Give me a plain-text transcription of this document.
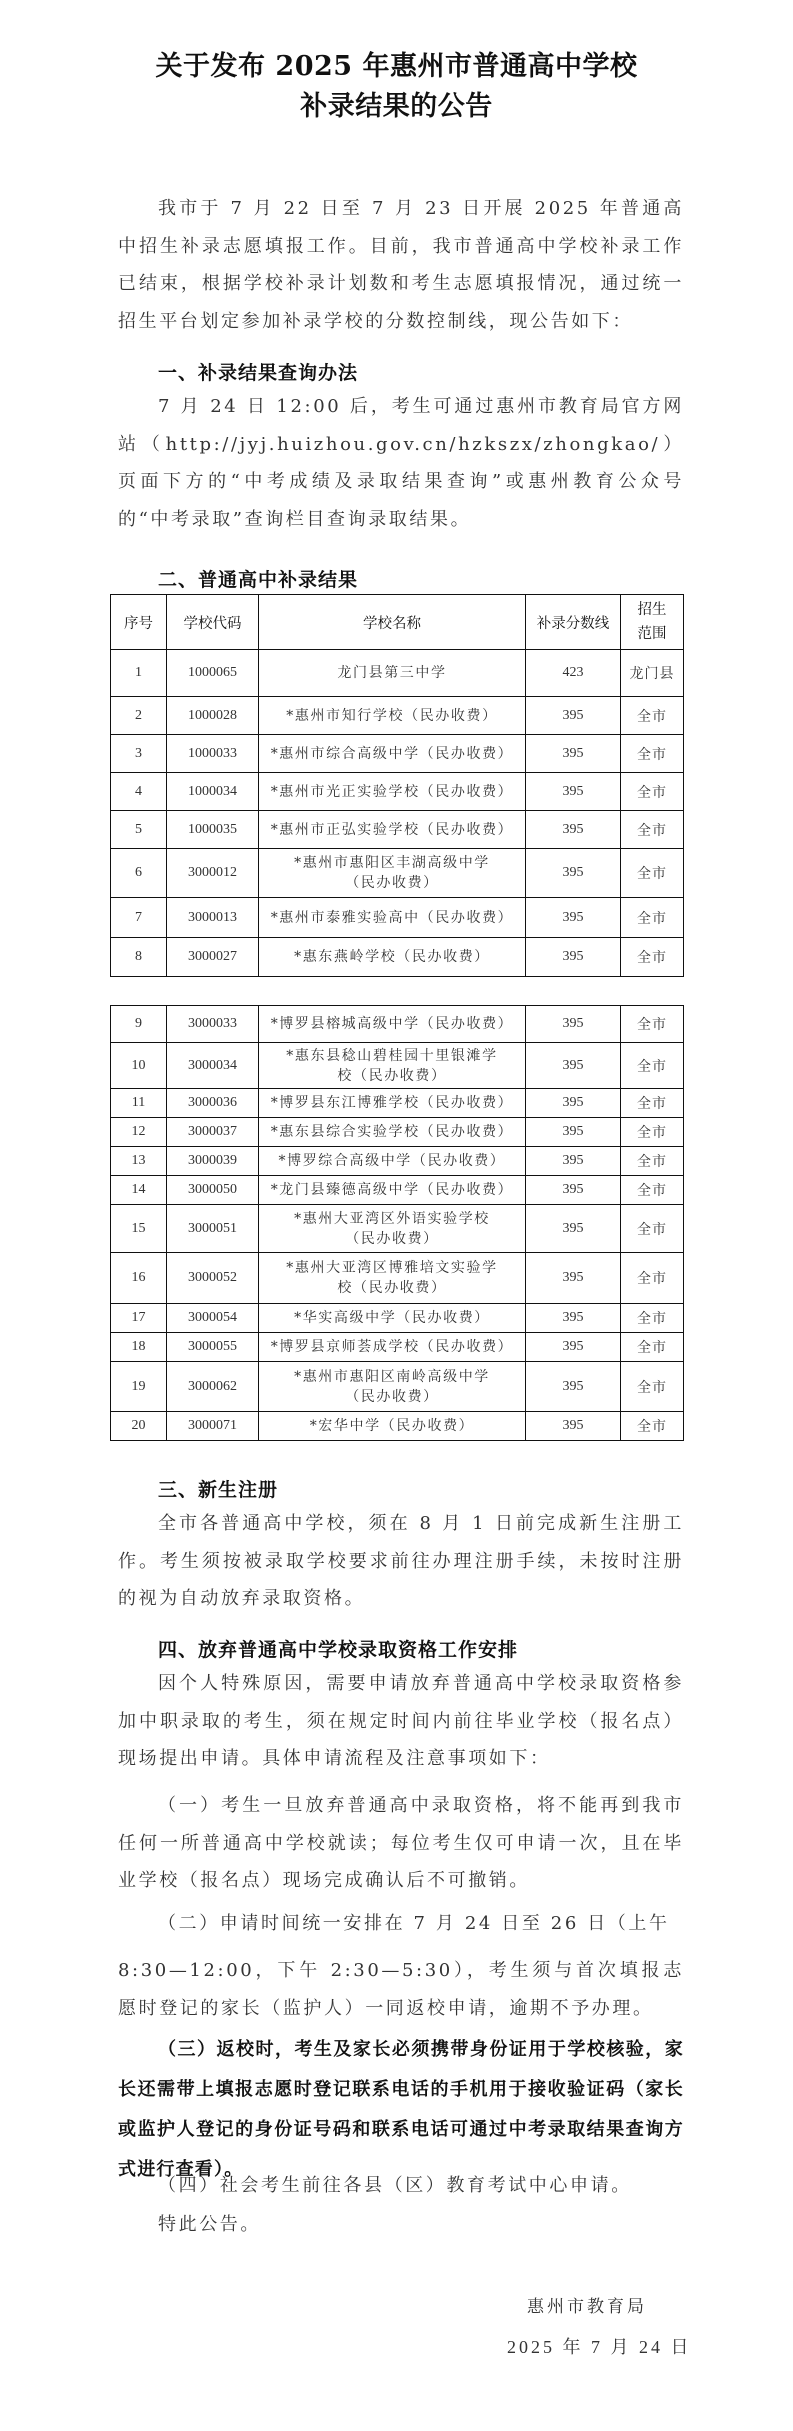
关于发布 2025 年惠州市普通高中学校
补录结果的公告
我市于 7 月 22 日至 7 月 23 日开展 2025 年普通高中招生补录志愿填报工作。目前，我市普通高中学校补录工作已结束，根据学校补录计划数和考生志愿填报情况，通过统一招生平台划定参加补录学校的分数控制线，现公告如下：
一、补录结果查询办法
7 月 24 日 12:00 后，考生可通过惠州市教育局官方网站（http://jyj.huizhou.gov.cn/hzkszx/zhongkao/）页面下方的“中考成绩及录取结果查询”或惠州教育公众号的“中考录取”查询栏目查询录取结果。
二、普通高中补录结果
序号	学校代码	学校名称	补录分数线	招生范围
1	1000065	龙门县第三中学	423	龙门县
2	1000028	*惠州市知行学校（民办收费）	395	全市
3	1000033	*惠州市综合高级中学（民办收费）	395	全市
4	1000034	*惠州市光正实验学校（民办收费）	395	全市
5	1000035	*惠州市正弘实验学校（民办收费）	395	全市
6	3000012	*惠州市惠阳区丰湖高级中学（民办收费）	395	全市
7	3000013	*惠州市泰雅实验高中（民办收费）	395	全市
8	3000027	*惠东燕岭学校（民办收费）	395	全市
9	3000033	*博罗县榕城高级中学（民办收费）	395	全市
10	3000034	*惠东县稔山碧桂园十里银滩学校（民办收费）	395	全市
11	3000036	*博罗县东江博雅学校（民办收费）	395	全市
12	3000037	*惠东县综合实验学校（民办收费）	395	全市
13	3000039	*博罗综合高级中学（民办收费）	395	全市
14	3000050	*龙门县臻德高级中学（民办收费）	395	全市
15	3000051	*惠州大亚湾区外语实验学校（民办收费）	395	全市
16	3000052	*惠州大亚湾区博雅培文实验学校（民办收费）	395	全市
17	3000054	*华实高级中学（民办收费）	395	全市
18	3000055	*博罗县京师荟成学校（民办收费）	395	全市
19	3000062	*惠州市惠阳区南岭高级中学（民办收费）	395	全市
20	3000071	*宏华中学（民办收费）	395	全市
三、新生注册
全市各普通高中学校，须在 8 月 1 日前完成新生注册工作。考生须按被录取学校要求前往办理注册手续，未按时注册的视为自动放弃录取资格。
四、放弃普通高中学校录取资格工作安排
因个人特殊原因，需要申请放弃普通高中学校录取资格参加中职录取的考生，须在规定时间内前往毕业学校（报名点）现场提出申请。具体申请流程及注意事项如下：
（一）考生一旦放弃普通高中录取资格，将不能再到我市任何一所普通高中学校就读；每位考生仅可申请一次，且在毕业学校（报名点）现场完成确认后不可撤销。
（二）申请时间统一安排在 7 月 24 日至 26 日（上午
8:30—12:00，下午 2:30—5:30），考生须与首次填报志愿时登记的家长（监护人）一同返校申请，逾期不予办理。
（三）返校时，考生及家长必须携带身份证用于学校核验，家长还需带上填报志愿时登记联系电话的手机用于接收验证码（家长或监护人登记的身份证号码和联系电话可通过中考录取结果查询方式进行查看）。
（四）社会考生前往各县（区）教育考试中心申请。
特此公告。
惠州市教育局
2025 年 7 月 24 日
